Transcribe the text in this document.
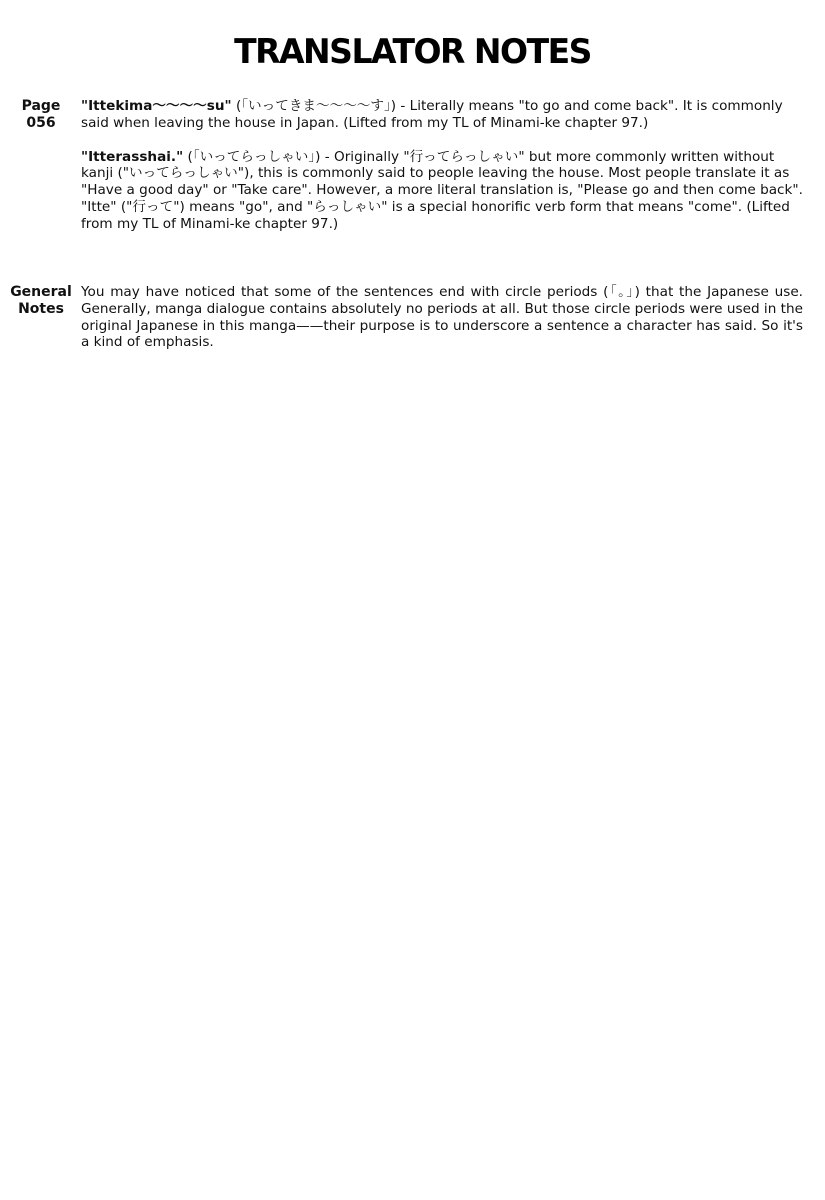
TRANSLATOR NOTES
Page
056

"Ittekima〜〜〜〜su" (「いってきま〜〜〜〜す」) - Literally means "to go and come back". It is commonly said when leaving the house in Japan. (Lifted from my TL of Minami-ke chapter 97.)

"Itterasshai." (「いってらっしゃい」) - Originally "行ってらっしゃい" but more commonly written without kanji ("いってらっしゃい"), this is commonly said to people leaving the house. Most people translate it as "Have a good day" or "Take care". However, a more literal translation is, "Please go and then come back". "Itte" ("行って") means "go", and "らっしゃい" is a special honorific verb form that means "come". (Lifted from my TL of Minami-ke chapter 97.)

General
Notes

You may have noticed that some of the sentences end with circle periods (「。」) that the Japanese use. Generally, manga dialogue contains absolutely no periods at all. But those circle periods were used in the original Japanese in this manga——their purpose is to underscore a sentence a character has said. So it's a kind of emphasis.
